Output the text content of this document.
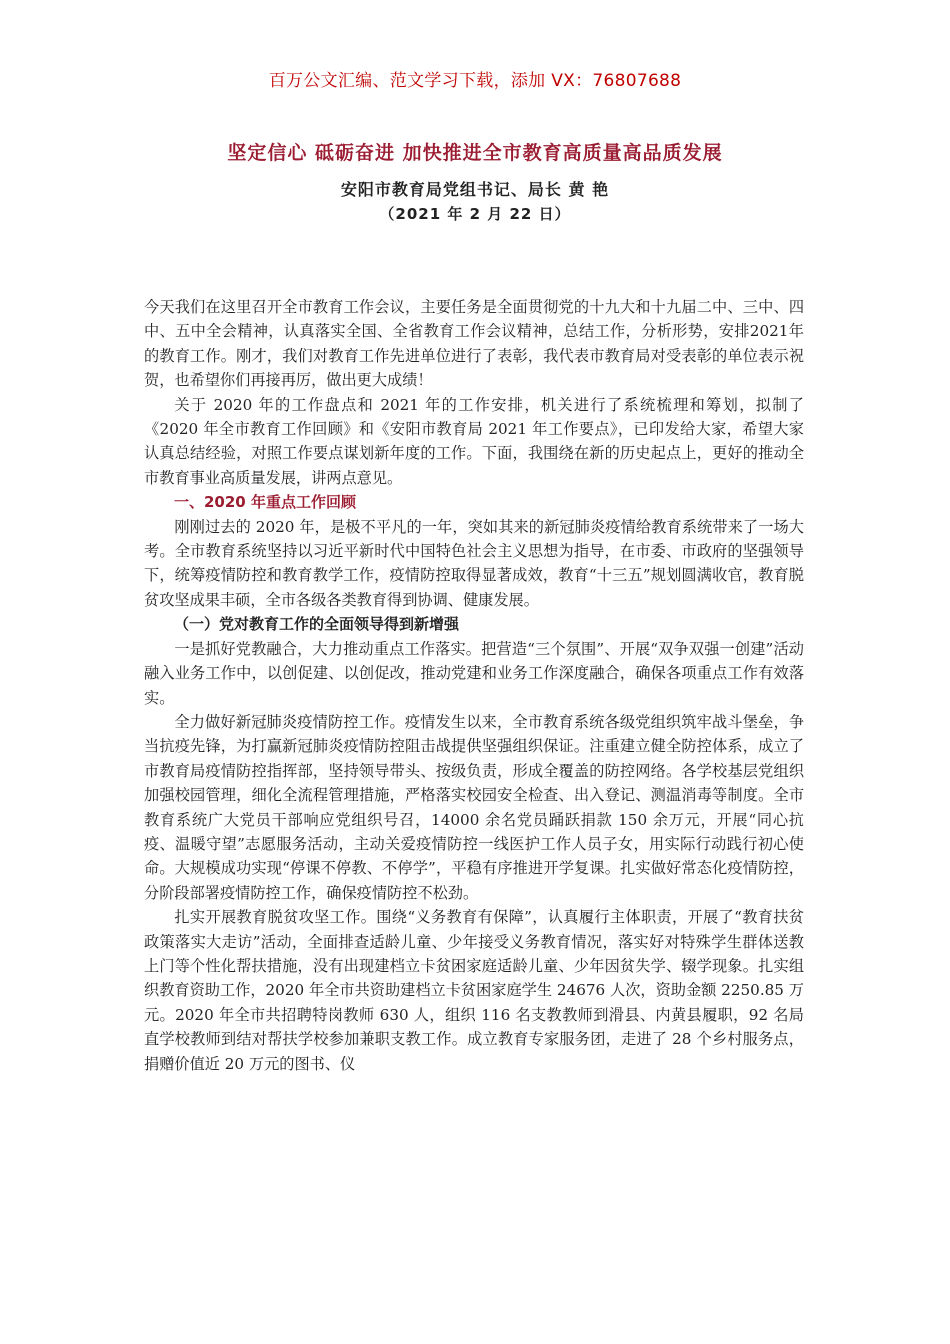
百万公文汇编、范文学习下载，添加 VX：76807688
坚定信心 砥砺奋进 加快推进全市教育高质量高品质发展
安阳市教育局党组书记、局长 黄 艳
（2021 年 2 月 22 日）

今天我们在这里召开全市教育工作会议，主要任务是全面贯彻党的十九大和十九届二中、三中、四中、五中全会精神，认真落实全国、全省教育工作会议精神，总结工作，分析形势，安排2021年的教育工作。刚才，我们对教育工作先进单位进行了表彰，我代表市教育局对受表彰的单位表示祝贺，也希望你们再接再厉，做出更大成绩！

关于 2020 年的工作盘点和 2021 年的工作安排，机关进行了系统梳理和筹划，拟制了《2020 年全市教育工作回顾》和《安阳市教育局 2021 年工作要点》，已印发给大家，希望大家认真总结经验，对照工作要点谋划新年度的工作。下面，我围绕在新的历史起点上，更好的推动全市教育事业高质量发展，讲两点意见。

一、2020 年重点工作回顾

刚刚过去的 2020 年，是极不平凡的一年，突如其来的新冠肺炎疫情给教育系统带来了一场大考。全市教育系统坚持以习近平新时代中国特色社会主义思想为指导，在市委、市政府的坚强领导下，统筹疫情防控和教育教学工作，疫情防控取得显著成效，教育“十三五”规划圆满收官，教育脱贫攻坚成果丰硕，全市各级各类教育得到协调、健康发展。

（一）党对教育工作的全面领导得到新增强

一是抓好党教融合，大力推动重点工作落实。把营造“三个氛围”、开展“双争双强一创建”活动融入业务工作中，以创促建、以创促改，推动党建和业务工作深度融合，确保各项重点工作有效落实。

全力做好新冠肺炎疫情防控工作。疫情发生以来，全市教育系统各级党组织筑牢战斗堡垒，争当抗疫先锋，为打赢新冠肺炎疫情防控阻击战提供坚强组织保证。注重建立健全防控体系，成立了市教育局疫情防控指挥部，坚持领导带头、按级负责，形成全覆盖的防控网络。各学校基层党组织加强校园管理，细化全流程管理措施，严格落实校园安全检查、出入登记、测温消毒等制度。全市教育系统广大党员干部响应党组织号召，14000 余名党员踊跃捐款 150 余万元，开展“同心抗疫、温暖守望”志愿服务活动，主动关爱疫情防控一线医护工作人员子女，用实际行动践行初心使命。大规模成功实现“停课不停教、不停学”，平稳有序推进开学复课。扎实做好常态化疫情防控，分阶段部署疫情防控工作，确保疫情防控不松劲。

扎实开展教育脱贫攻坚工作。围绕“义务教育有保障”，认真履行主体职责，开展了“教育扶贫政策落实大走访”活动，全面排查适龄儿童、少年接受义务教育情况，落实好对特殊学生群体送教上门等个性化帮扶措施，没有出现建档立卡贫困家庭适龄儿童、少年因贫失学、辍学现象。扎实组织教育资助工作，2020 年全市共资助建档立卡贫困家庭学生 24676 人次，资助金额 2250.85 万元。2020 年全市共招聘特岗教师 630 人，组织 116 名支教教师到滑县、内黄县履职，92 名局直学校教师到结对帮扶学校参加兼职支教工作。成立教育专家服务团，走进了 28 个乡村服务点，捐赠价值近 20 万元的图书、仪
